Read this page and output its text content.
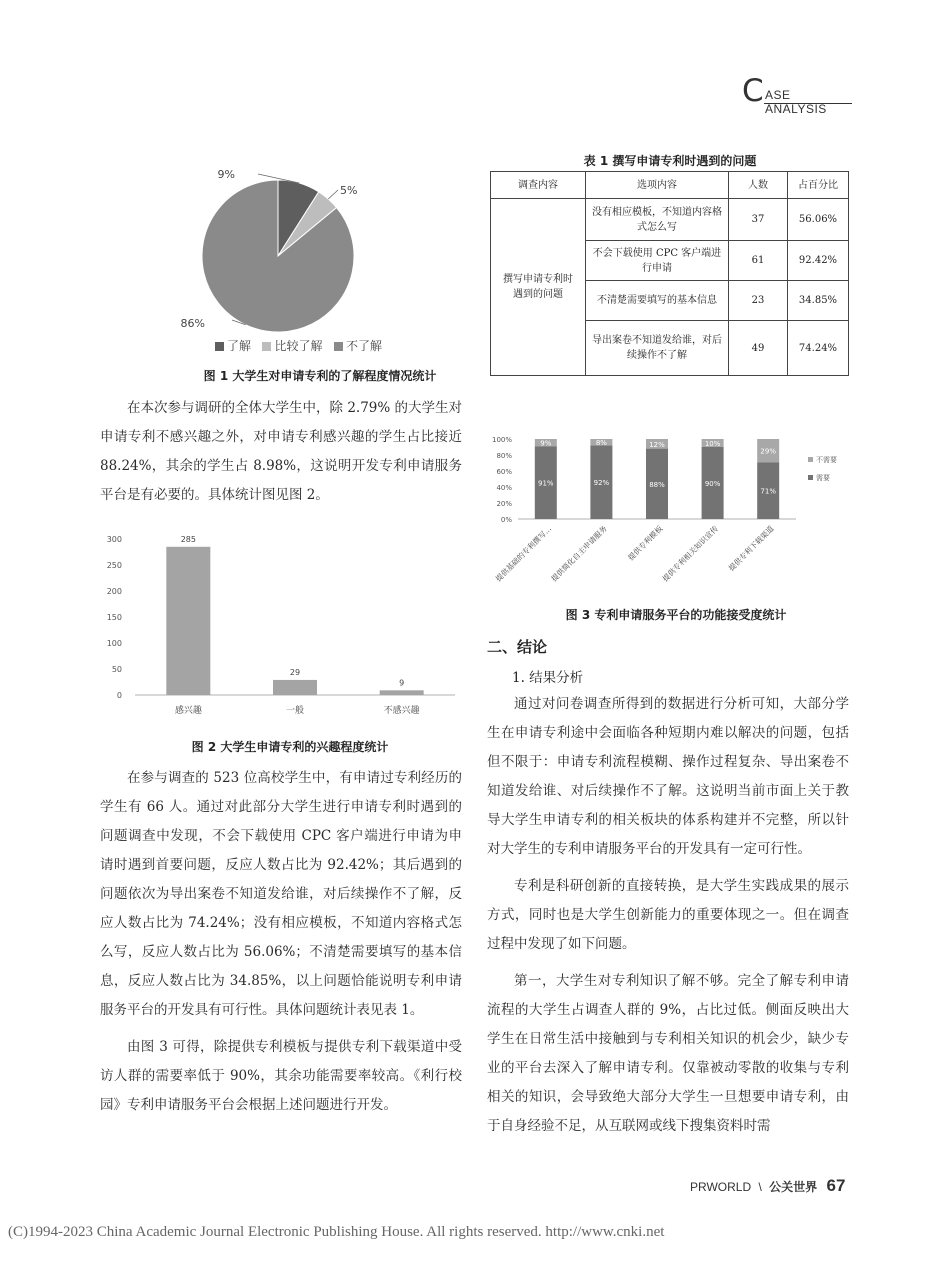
C ASE ANALYSIS
9%
5%
86%
了解 比较了解 不了解
图 1 大学生对申请专利的了解程度情况统计

在本次参与调研的全体大学生中，除 2.79% 的大学生对申请专利不感兴趣之外，对申请专利感兴趣的学生占比接近 88.24%，其余的学生占 8.98%，这说明开发专利申请服务平台是有必要的。具体统计图见图 2。

0
50
100
150
200
250
300	285
感兴趣
29
一般
9
不感兴趣
图 2 大学生申请专利的兴趣程度统计

在参与调查的 523 位高校学生中，有申请过专利经历的学生有 66 人。通过对此部分大学生进行申请专利时遇到的问题调查中发现，不会下载使用 CPC 客户端进行申请为申请时遇到首要问题，反应人数占比为 92.42%；其后遇到的问题依次为导出案卷不知道发给谁，对后续操作不了解，反应人数占比为 74.24%；没有相应模板，不知道内容格式怎么写，反应人数占比为 56.06%；不清楚需要填写的基本信息，反应人数占比为 34.85%，以上问题恰能说明专利申请服务平台的开发具有可行性。具体问题统计表见表 1。

由图 3 可得，除提供专利模板与提供专利下载渠道中受访人群的需要率低于 90%，其余功能需要率较高。《利行校园》专利申请服务平台会根据上述问题进行开发。

表 1 撰写申请专利时遇到的问题
调查内容	选项内容	人数	占百分比
撰写申请专利时遇到的问题	没有相应模板，不知道内容格式怎么写	37	56.06%
	不会下载使用 CPC 客户端进行申请	61	92.42%
	不清楚需要填写的基本信息	23	34.85%
	导出案卷不知道发给谁，对后续操作不了解	49	74.24%
0%
20%
40%
60%
80%
100%
91%
9%
提供基础的专利撰写…
92%
8%
提供简化自主申请服务
88%
12%
提供专利模板
90%
10%
提供专利相关知识宣传
71%
29%
提供专利下载渠道
不需要
需要
图 3 专利申请服务平台的功能接受度统计
二、结论
1. 结果分析

通过对问卷调查所得到的数据进行分析可知，大部分学生在申请专利途中会面临各种短期内难以解决的问题，包括但不限于：申请专利流程模糊、操作过程复杂、导出案卷不知道发给谁、对后续操作不了解。这说明当前市面上关于教导大学生申请专利的相关板块的体系构建并不完整，所以针对大学生的专利申请服务平台的开发具有一定可行性。

专利是科研创新的直接转换，是大学生实践成果的展示方式，同时也是大学生创新能力的重要体现之一。但在调查过程中发现了如下问题。

第一，大学生对专利知识了解不够。完全了解专利申请流程的大学生占调查人群的 9%，占比过低。侧面反映出大学生在日常生活中接触到与专利相关知识的机会少，缺少专业的平台去深入了解申请专利。仅靠被动零散的收集与专利相关的知识，会导致绝大部分大学生一旦想要申请专利，由于自身经验不足，从互联网或线下搜集资料时需

PRWORLD \ 公关世界 67
(C)1994-2023 China Academic Journal Electronic Publishing House. All rights reserved. http://www.cnki.net
